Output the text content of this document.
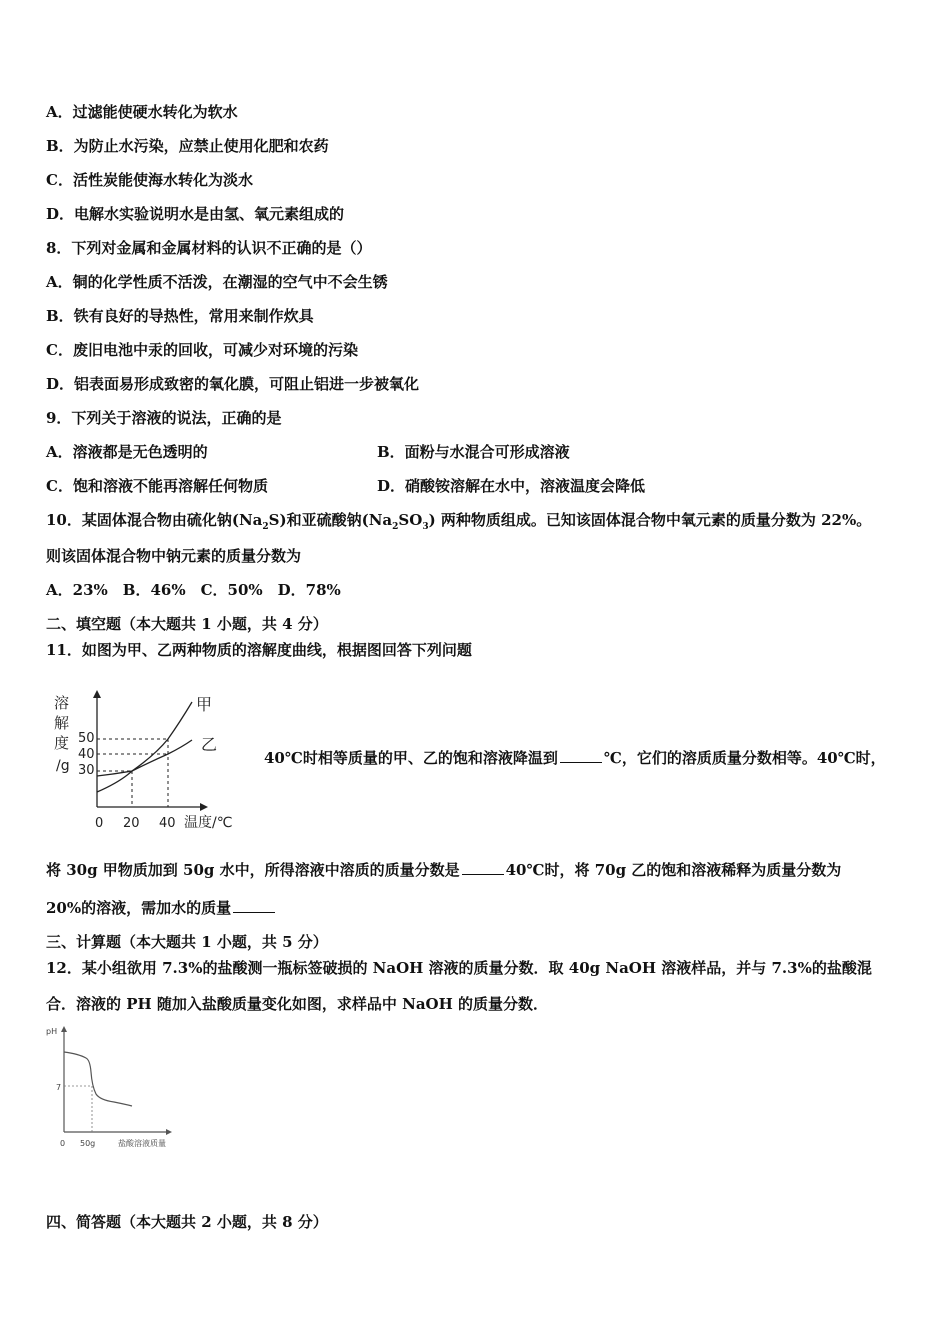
A．过滤能使硬水转化为软水
B．为防止水污染，应禁止使用化肥和农药
C．活性炭能使海水转化为淡水
D．电解水实验说明水是由氢、氧元素组成的
8．下列对金属和金属材料的认识不正确的是（）
A．铜的化学性质不活泼，在潮湿的空气中不会生锈
B．铁有良好的导热性，常用来制作炊具
C．废旧电池中汞的回收，可减少对环境的污染
D．铝表面易形成致密的氧化膜，可阻止铝进一步被氧化
9．下列关于溶液的说法，正确的是
A．溶液都是无色透明的	B．面粉与水混合可形成溶液
C．饱和溶液不能再溶解任何物质	D．硝酸铵溶解在水中，溶液温度会降低
10．某固体混合物由硫化钠$(Na_2S)$和亚硫酸钠$(Na_2SO_3)$ 两种物质组成。已知该固体混合物中氧元素的质量分数为 22%。
则该固体混合物中钠元素的质量分数为
A．23%　B．46%　C．50%　D．78%
二、填空题（本大题共 1 小题，共 4 分）
11．如图为甲、乙两种物质的溶解度曲线，根据图回答下列问题
溶
解
度
/g
50
40
30
0 20 40 温度/℃
甲
乙
40℃时相等质量的甲、乙的饱和溶液降温到	℃，它们的溶质质量分数相等。40℃时，
将 30g 甲物质加到 50g 水中，所得溶液中溶质的质量分数是	40℃时，将 70g 乙的饱和溶液稀释为质量分数为
20%的溶液，需加水的质量
三、计算题（本大题共 1 小题，共 5 分）
12．某小组欲用 7.3%的盐酸测一瓶标签破损的 NaOH 溶液的质量分数．取 40g NaOH 溶液样品，并与 7.3%的盐酸混
合．溶液的 PH 随加入盐酸质量变化如图，求样品中 NaOH 的质量分数．
pH
7
0 50g	盐酸溶液质量
四、简答题（本大题共 2 小题，共 8 分）
